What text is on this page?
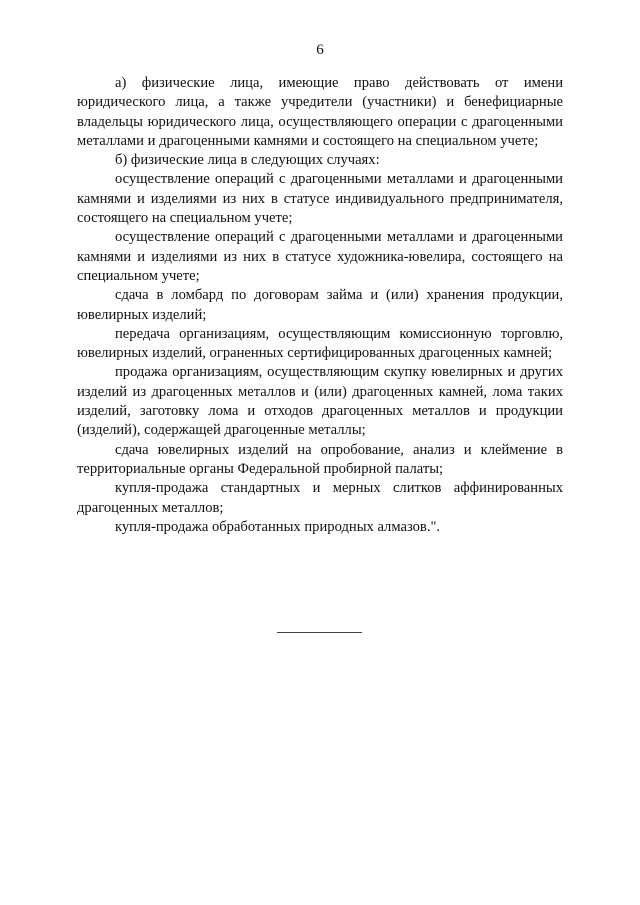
6

а) физические лица, имеющие право действовать от имени юридического лица, а также учредители (участники) и бенефициарные владельцы юридического лица, осуществляющего операции с драгоценными металлами и драгоценными камнями и состоящего на специальном учете;

б) физические лица в следующих случаях:

осуществление операций с драгоценными металлами и драгоценными камнями и изделиями из них в статусе индивидуального предпринимателя, состоящего на специальном учете;

осуществление операций с драгоценными металлами и драгоценными камнями и изделиями из них в статусе художника-ювелира, состоящего на специальном учете;

сдача в ломбард по договорам займа и (или) хранения продукции, ювелирных изделий;

передача организациям, осуществляющим комиссионную торговлю, ювелирных изделий, ограненных сертифицированных драгоценных камней;

продажа организациям, осуществляющим скупку ювелирных и других изделий из драгоценных металлов и (или) драгоценных камней, лома таких изделий, заготовку лома и отходов драгоценных металлов и продукции (изделий), содержащей драгоценные металлы;

сдача ювелирных изделий на опробование, анализ и клеймение в территориальные органы Федеральной пробирной палаты;

купля-продажа стандартных и мерных слитков аффинированных драгоценных металлов;

купля-продажа обработанных природных алмазов.".
